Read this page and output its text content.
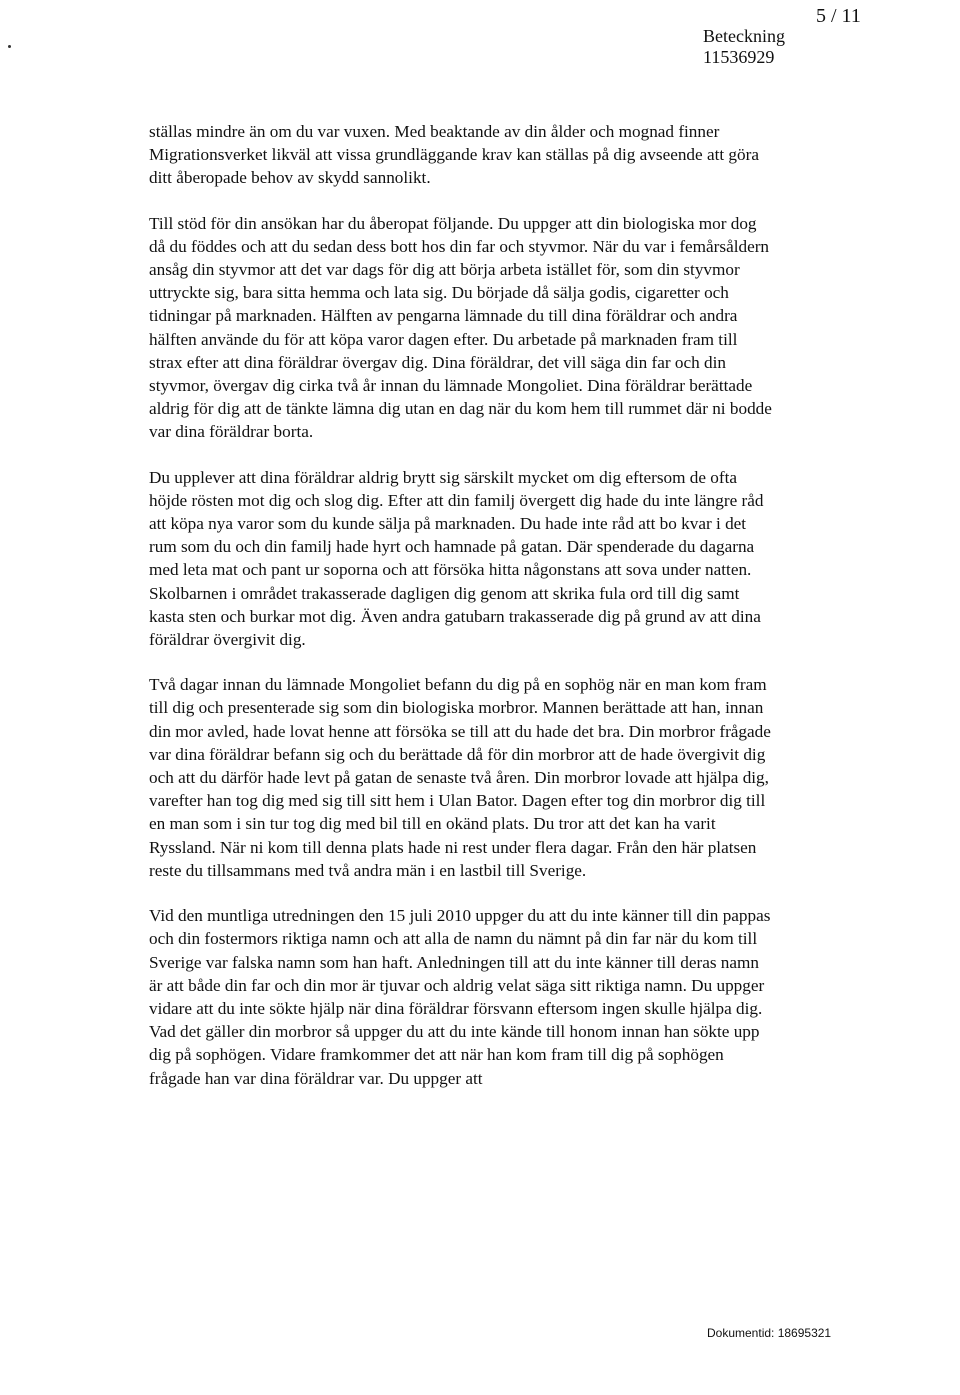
5 / 11
Beteckning
11536929

ställas mindre än om du var vuxen. Med beaktande av din ålder och mognad finner Migrationsverket likväl att vissa grundläggande krav kan ställas på dig avseende att göra ditt åberopade behov av skydd sannolikt.

Till stöd för din ansökan har du åberopat följande. Du uppger att din biologiska mor dog då du föddes och att du sedan dess bott hos din far och styvmor. När du var i femårsåldern ansåg din styvmor att det var dags för dig att börja arbeta istället för, som din styvmor uttryckte sig, bara sitta hemma och lata sig. Du började då sälja godis, cigaretter och tidningar på marknaden. Hälften av pengarna lämnade du till dina föräldrar och andra hälften använde du för att köpa varor dagen efter. Du arbetade på marknaden fram till strax efter att dina föräldrar övergav dig. Dina föräldrar, det vill säga din far och din styvmor, övergav dig cirka två år innan du lämnade Mongoliet. Dina föräldrar berättade aldrig för dig att de tänkte lämna dig utan en dag när du kom hem till rummet där ni bodde var dina föräldrar borta.

Du upplever att dina föräldrar aldrig brytt sig särskilt mycket om dig eftersom de ofta höjde rösten mot dig och slog dig. Efter att din familj övergett dig hade du inte längre råd att köpa nya varor som du kunde sälja på marknaden. Du hade inte råd att bo kvar i det rum som du och din familj hade hyrt och hamnade på gatan. Där spenderade du dagarna med leta mat och pant ur soporna och att försöka hitta någonstans att sova under natten. Skolbarnen i området trakasserade dagligen dig genom att skrika fula ord till dig samt kasta sten och burkar mot dig. Även andra gatubarn trakasserade dig på grund av att dina föräldrar övergivit dig.

Två dagar innan du lämnade Mongoliet befann du dig på en sophög när en man kom fram till dig och presenterade sig som din biologiska morbror. Mannen berättade att han, innan din mor avled, hade lovat henne att försöka se till att du hade det bra. Din morbror frågade var dina föräldrar befann sig och du berättade då för din morbror att de hade övergivit dig och att du därför hade levt på gatan de senaste två åren. Din morbror lovade att hjälpa dig, varefter han tog dig med sig till sitt hem i Ulan Bator. Dagen efter tog din morbror dig till en man som i sin tur tog dig med bil till en okänd plats. Du tror att det kan ha varit Ryssland. När ni kom till denna plats hade ni rest under flera dagar. Från den här platsen reste du tillsammans med två andra män i en lastbil till Sverige.

Vid den muntliga utredningen den 15 juli 2010 uppger du att du inte känner till din pappas och din fostermors riktiga namn och att alla de namn du nämnt på din far när du kom till Sverige var falska namn som han haft. Anledningen till att du inte känner till deras namn är att både din far och din mor är tjuvar och aldrig velat säga sitt riktiga namn. Du uppger vidare att du inte sökte hjälp när dina föräldrar försvann eftersom ingen skulle hjälpa dig. Vad det gäller din morbror så uppger du att du inte kände till honom innan han sökte upp dig på sophögen. Vidare framkommer det att när han kom fram till dig på sophögen frågade han var dina föräldrar var. Du uppger att

Dokumentid: 18695321
